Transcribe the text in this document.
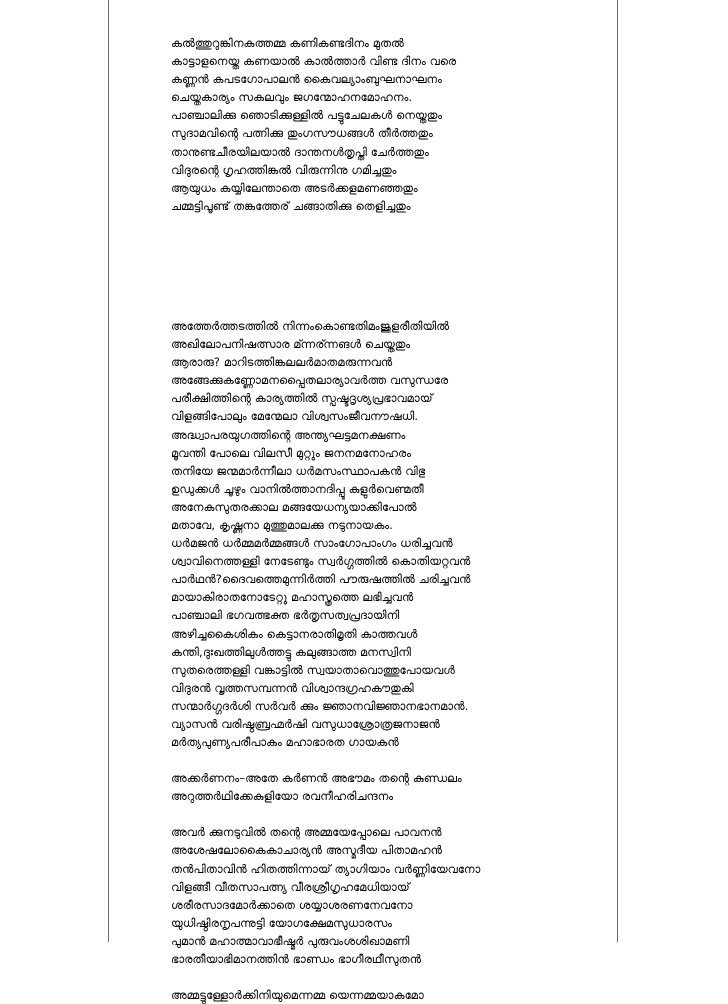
കൽത്തുറുങ്കിനകത്തമ്മ കണികണ്ടദിനം മുതൽ
കാട്ടാളനെയ്ത കണയാൽ കാൽത്താർ വിണ്ട ദിനം വരെ
കണ്ണൻ കപടഗോപാലൻ കൈവല്യാംബുഘനാഘനം
ചെയ്തകാര്യം സകലവും ജഗന്മോഹനമോഹനം.
പാഞ്ചാലിക്കു ഞൊടിക്കുള്ളിൽ പട്ടുചേലകൾ നെയ്തതും
സുദാമവിന്റെ പത്നിക്കു തുംഗസൗധങ്ങൾ തീർത്തതും
താനുണ്ടചീരയിലയാൽ ദാന്തനൾതൃപ്തി ചേർത്തതും
വിദുരന്റെ ഗൃഹത്തിങ്കൽ വിരുന്നിനു ഗമിച്ചതും
ആയുധം കയ്യിലേന്താതെ അടർക്കളമണഞ്ഞതും
ചമ്മട്ടിപൂണ്ട് തങ്കത്തേര് ചങ്ങാതിക്കു തെളിച്ചതും
അത്തേർത്തടത്തിൽ നിന്നംകൊണ്ടതിമംജുളരീതിയിൽ
അഖിലോപനിഷത്സാര മ്ന്നര്ന്നങൾ ചെയ്തതും
ആരാരു? മാറിടത്തിങ്കലലർമാതമരുന്നവൻ
അങ്ങേക്കുകണ്ണോമനപ്പൈതലാര്യാവർത്ത വസുന്ധരേ
പരീക്ഷിത്തിന്റെ കാര്യത്തിൽ സ്പഷ്ടദൃശ്യപ്രഭാവമായ്
വിളങ്ങിപോലും മേന്മേലാ വിശ്വസംജീവനൗഷധി.
അദ്ധ്വാപരയുഗത്തിന്റെ അന്ത്യഘട്ടമനക്ഷണം
മൂവന്തി പോലെ വിലസീ മുറ്റും ജനനമനോഹരം
തനിയേ ജന്മമാർന്നീലാ ധർമസംസ്ഥാപകൻ വിഭു
ഉഡുക്കൾ ചൂഴും വാനിൽത്താനദിപ്പൂ കുളുർവെണ്മതീ
അനേകസുതരക്കാല മങ്ങയേധന്യയാക്കിപോൽ
മതാവേ, കൃഷ്ണനാ മുത്തുമാലക്കു നടുനായകം.
ധർമജൻ ധർമ്മമർമ്മങ്ങൾ സാംഗോപാംഗം ധരിച്ചവൻ
ശ്വാവിനെത്തള്ളി നേടേണ്ടും സ്വർഗ്ഗത്തിൽ കൊതിയറ്റവൻ
പാർഥൻ?ദൈവത്തെമുന്നിർത്തി പൗരുഷത്തിൽ ചരിച്ചവൻ
മായാകിരാതനോടേറ്റു മഹാസ്ത്രത്തെ ലഭിച്ചവൻ
പാഞ്ചാലി ഭഗവത്ഭക്ത ഭർതൃസത്വപ്രദായിനി
അഴിച്ചകൈശികം കെട്ടാനരാതിമൃതി കാത്തവൾ
കന്തി,ദുഃഖത്തിലുൾത്തട്ടു കലുങ്ങാത്ത മനസ്വിനി
സുതരെത്തള്ളി വങ്കാട്ടിൽ സ്വയാതാവൊത്തുപോയവൾ
വിദുരൻ വൃത്തസമ്പന്നൻ വിശ്വാന്ദഗ്രഹകൗതുകി
സന്മാർഗ്ഗദർശി സർവർ ക്കും ജ്ഞാനവിജ്ഞാനഭാനമാൻ.
വ്യാസൻ വരിഷ്ഠബ്രഹ്മർഷി വസുധാശ്രോത്രജനാജൻ
മർത്യപുണ്യപരീപാകം മഹാഭാരത ഗായകൻ
അക്കർണനം–അതേ കർണൻ അഭൗമം തന്റെ കുണ്ഡലം
അറുത്തർഥിക്കേകുളിയോ രവനീഹരിചന്ദനം
അവർ ക്കുനടുവിൽ തന്റെ അമ്മയേപ്പോലെ പാവനൻ
അശേഷലോകൈകാചാര്യൻ അസ്മദീയ പിതാമഹൻ
തൻപിതാവിൻ ഹിതത്തിന്നായ് ത്യാഗിയാം വർണ്ണിയേവനോ
വിളങ്ങീ വീതസാപത്ന്യ വീരശ്രീഗൃഹമേധിയായ്
ശരീരസാദമോർക്കാതെ ശയ്യാശരണനേവനോ
യുധിഷ്ഠിരനൃപന്നുട്ടി യോഗക്ഷേമസുധാരസം
പുമാൻ മഹാത്മാവാഭീഷ്മർ പുരുവംശശിഖാമണി
ഭാരതീയാഭിമാനത്തിൻ ഭാണ്ഡം ഭാഗീരഥീസുതൻ
അമ്മട്ടുള്ളോർക്കിനിയുമെന്നമ്മ യെന്നമ്മയാകമോ
